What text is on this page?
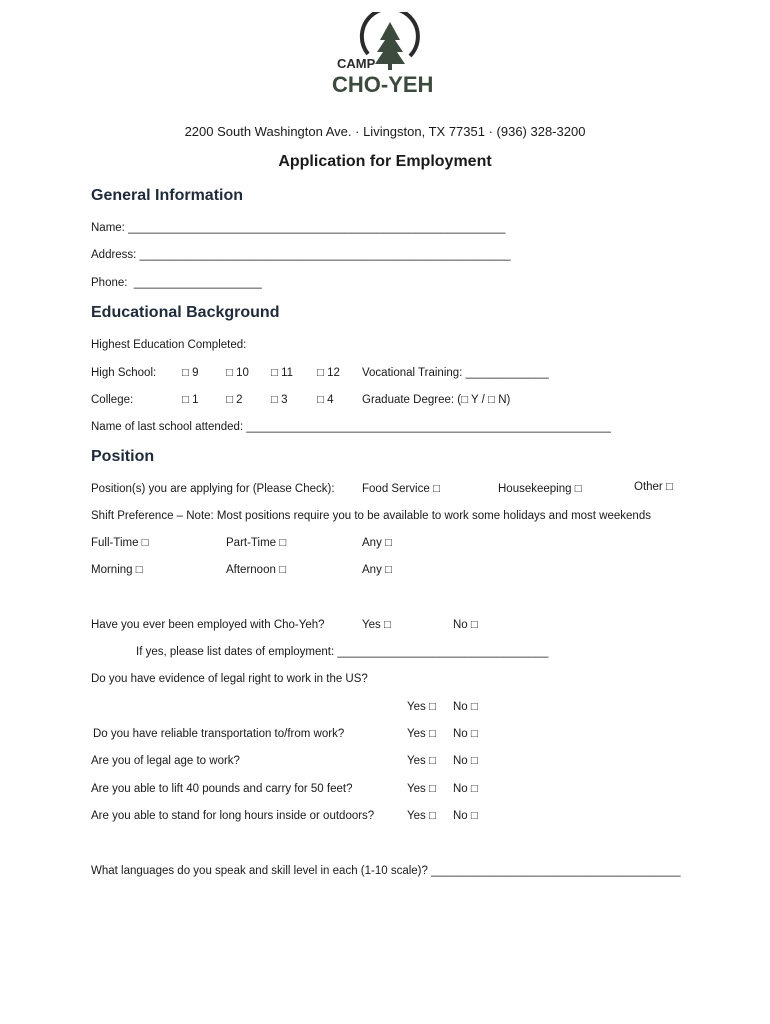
CAMP
CHO-YEH
2200 South Washington Ave. · Livingston, TX 77351 · (936) 328-3200
Application for Employment
General Information
Name: ___________________________________________________________
Address: __________________________________________________________
Phone:  ____________________
Educational Background
Highest Education Completed:
High School: □ 9 □ 10 □ 11 □ 12 Vocational Training: _____________
College:	□ 1 □ 2 □ 3	□ 4 Graduate Degree: (□ Y / □ N)
Name of last school attended: _________________________________________________________
Position
Position(s) you are applying for (Please Check): Food Service □	Housekeeping □	Other □
Shift Preference – Note: Most positions require you to be available to work some holidays and most weekends
Full-Time □	Part-Time □	Any □
Morning □	Afternoon □	Any □
Have you ever been employed with Cho-Yeh?	Yes □	No □
If yes, please list dates of employment: _________________________________
Do you have evidence of legal right to work in the US?
Yes □ No □
Do you have reliable transportation to/from work?	Yes □ No □
Are you of legal age to work?	Yes □ No □
Are you able to lift 40 pounds and carry for 50 feet?	Yes □ No □
Are you able to stand for long hours inside or outdoors?	Yes □ No □
What languages do you speak and skill level in each (1-10 scale)? _______________________________________
